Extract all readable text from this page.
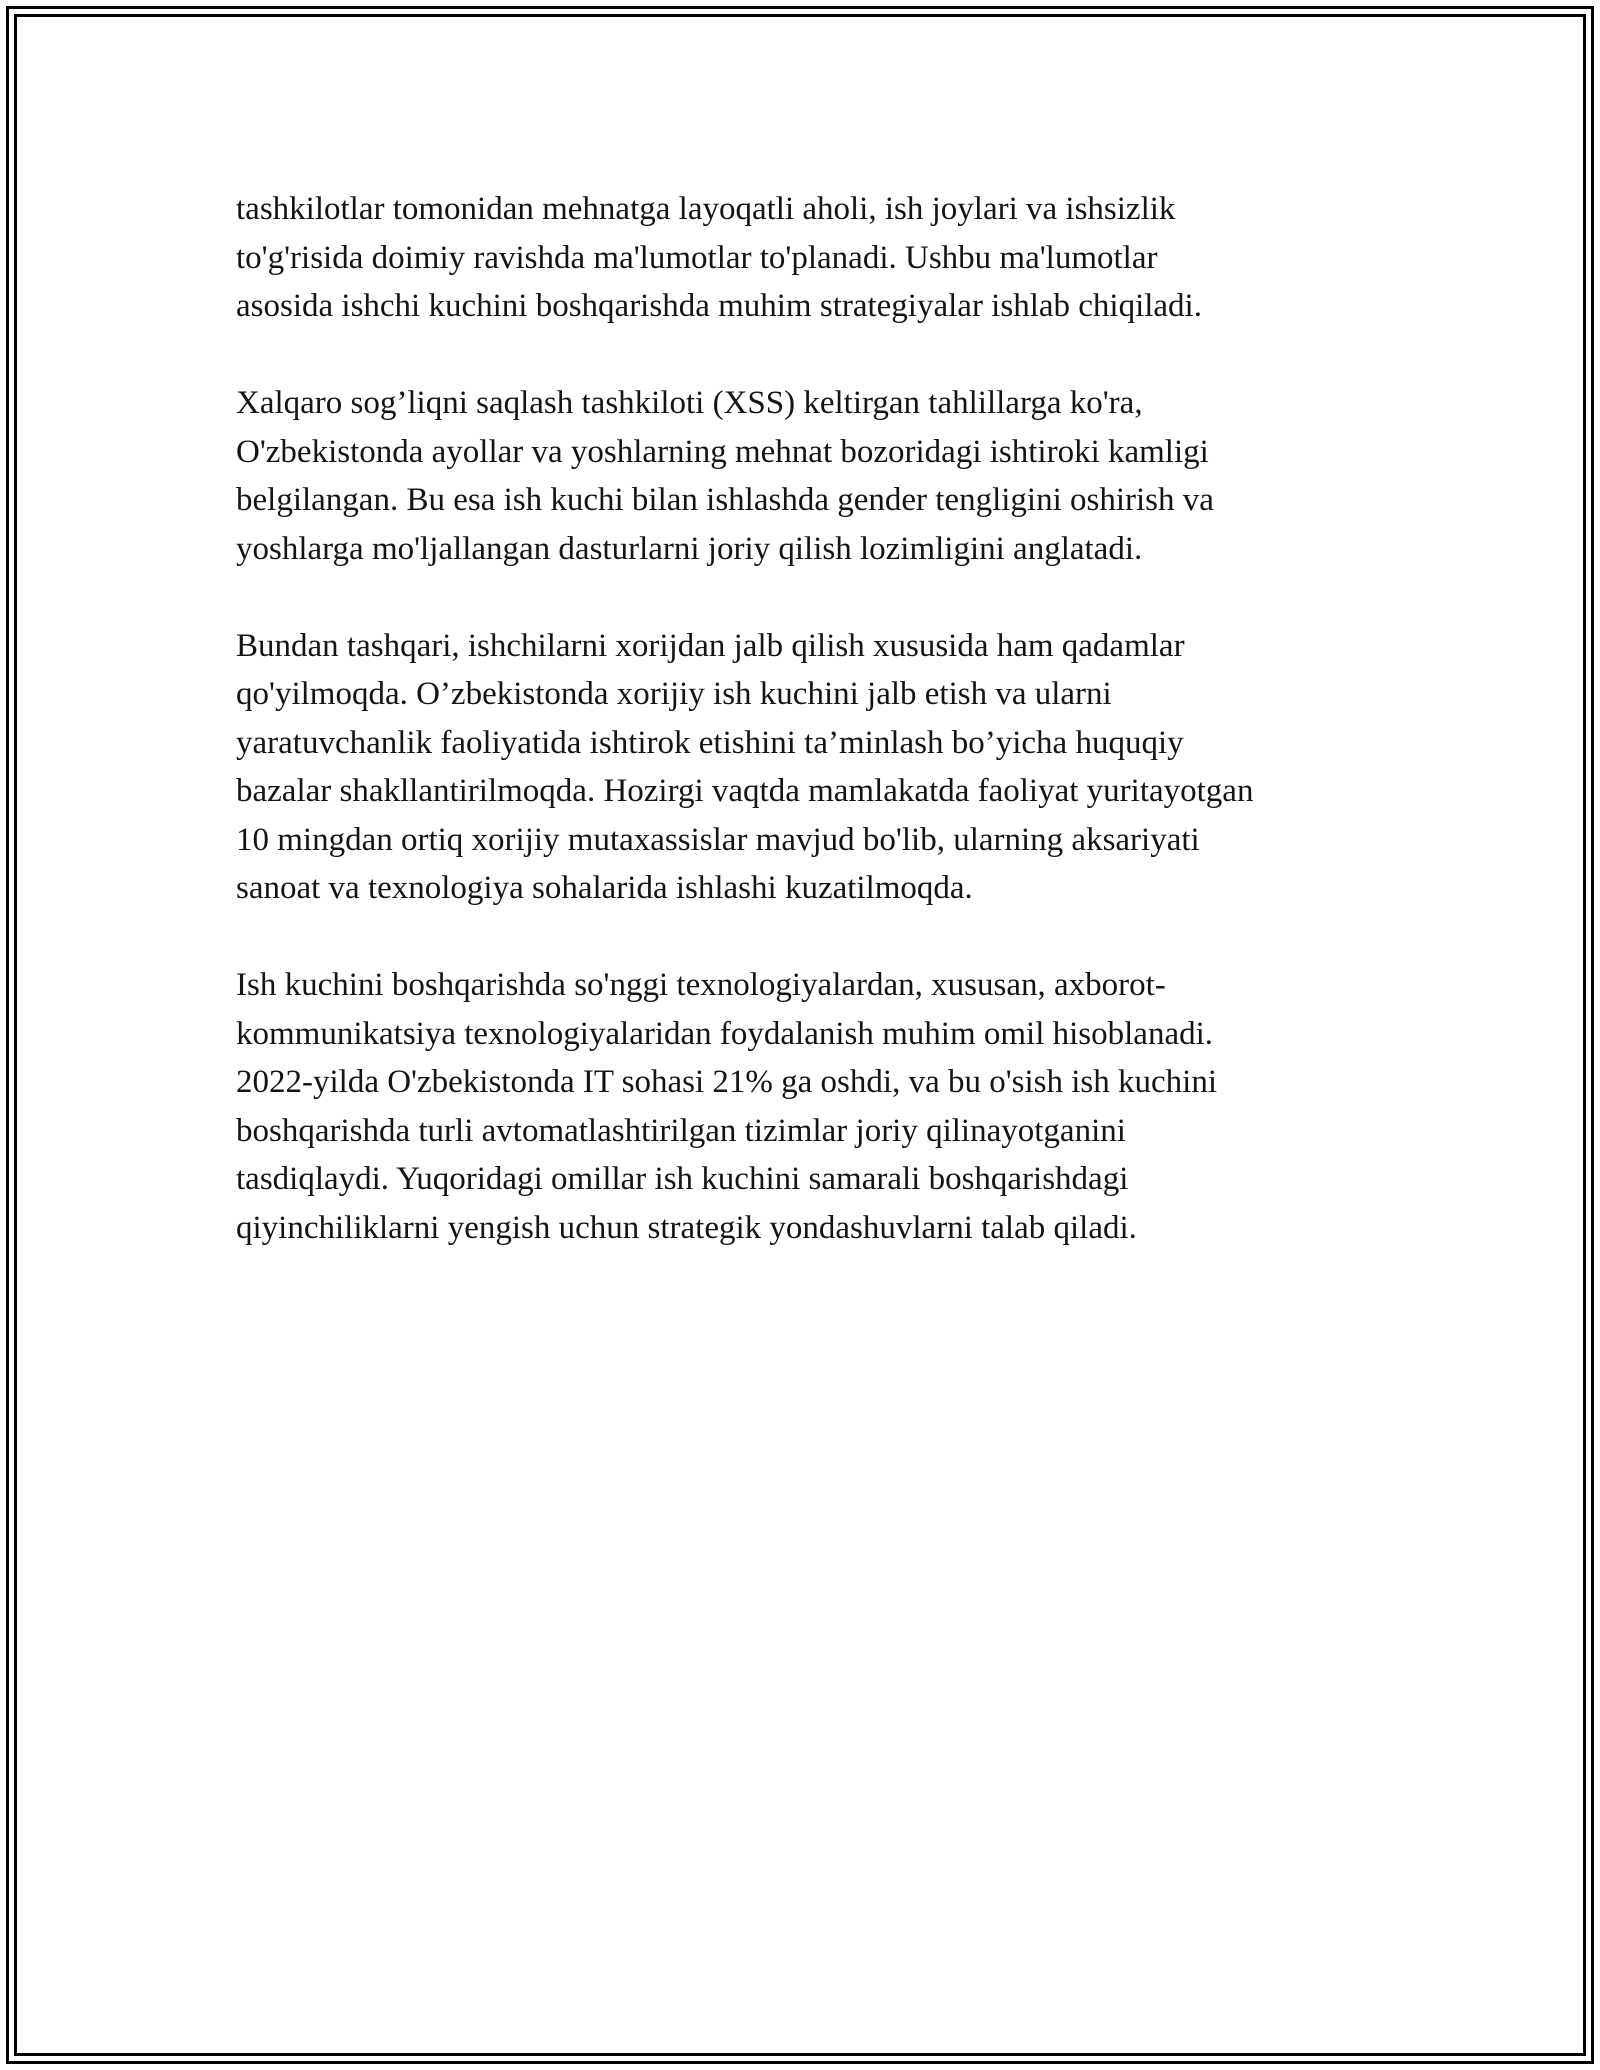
tashkilotlar tomonidan mehnatga layoqatli aholi, ish joylari va ishsizlik
to'g'risida doimiy ravishda ma'lumotlar to'planadi. Ushbu ma'lumotlar
asosida ishchi kuchini boshqarishda muhim strategiyalar ishlab chiqiladi.

Xalqaro sog’liqni saqlash tashkiloti (XSS) keltirgan tahlillarga ko'ra,
O'zbekistonda ayollar va yoshlarning mehnat bozoridagi ishtiroki kamligi
belgilangan. Bu esa ish kuchi bilan ishlashda gender tengligini oshirish va
yoshlarga mo'ljallangan dasturlarni joriy qilish lozimligini anglatadi.

Bundan tashqari, ishchilarni xorijdan jalb qilish xususida ham qadamlar
qo'yilmoqda. O’zbekistonda xorijiy ish kuchini jalb etish va ularni
yaratuvchanlik faoliyatida ishtirok etishini ta’minlash bo’yicha huquqiy
bazalar shakllantirilmoqda. Hozirgi vaqtda mamlakatda faoliyat yuritayotgan
10 mingdan ortiq xorijiy mutaxassislar mavjud bo'lib, ularning aksariyati
sanoat va texnologiya sohalarida ishlashi kuzatilmoqda.

Ish kuchini boshqarishda so'nggi texnologiyalardan, xususan, axborot-
kommunikatsiya texnologiyalaridan foydalanish muhim omil hisoblanadi.
2022-yilda O'zbekistonda IT sohasi 21% ga oshdi, va bu o'sish ish kuchini
boshqarishda turli avtomatlashtirilgan tizimlar joriy qilinayotganini
tasdiqlaydi. Yuqoridagi omillar ish kuchini samarali boshqarishdagi
qiyinchiliklarni yengish uchun strategik yondashuvlarni talab qiladi.
